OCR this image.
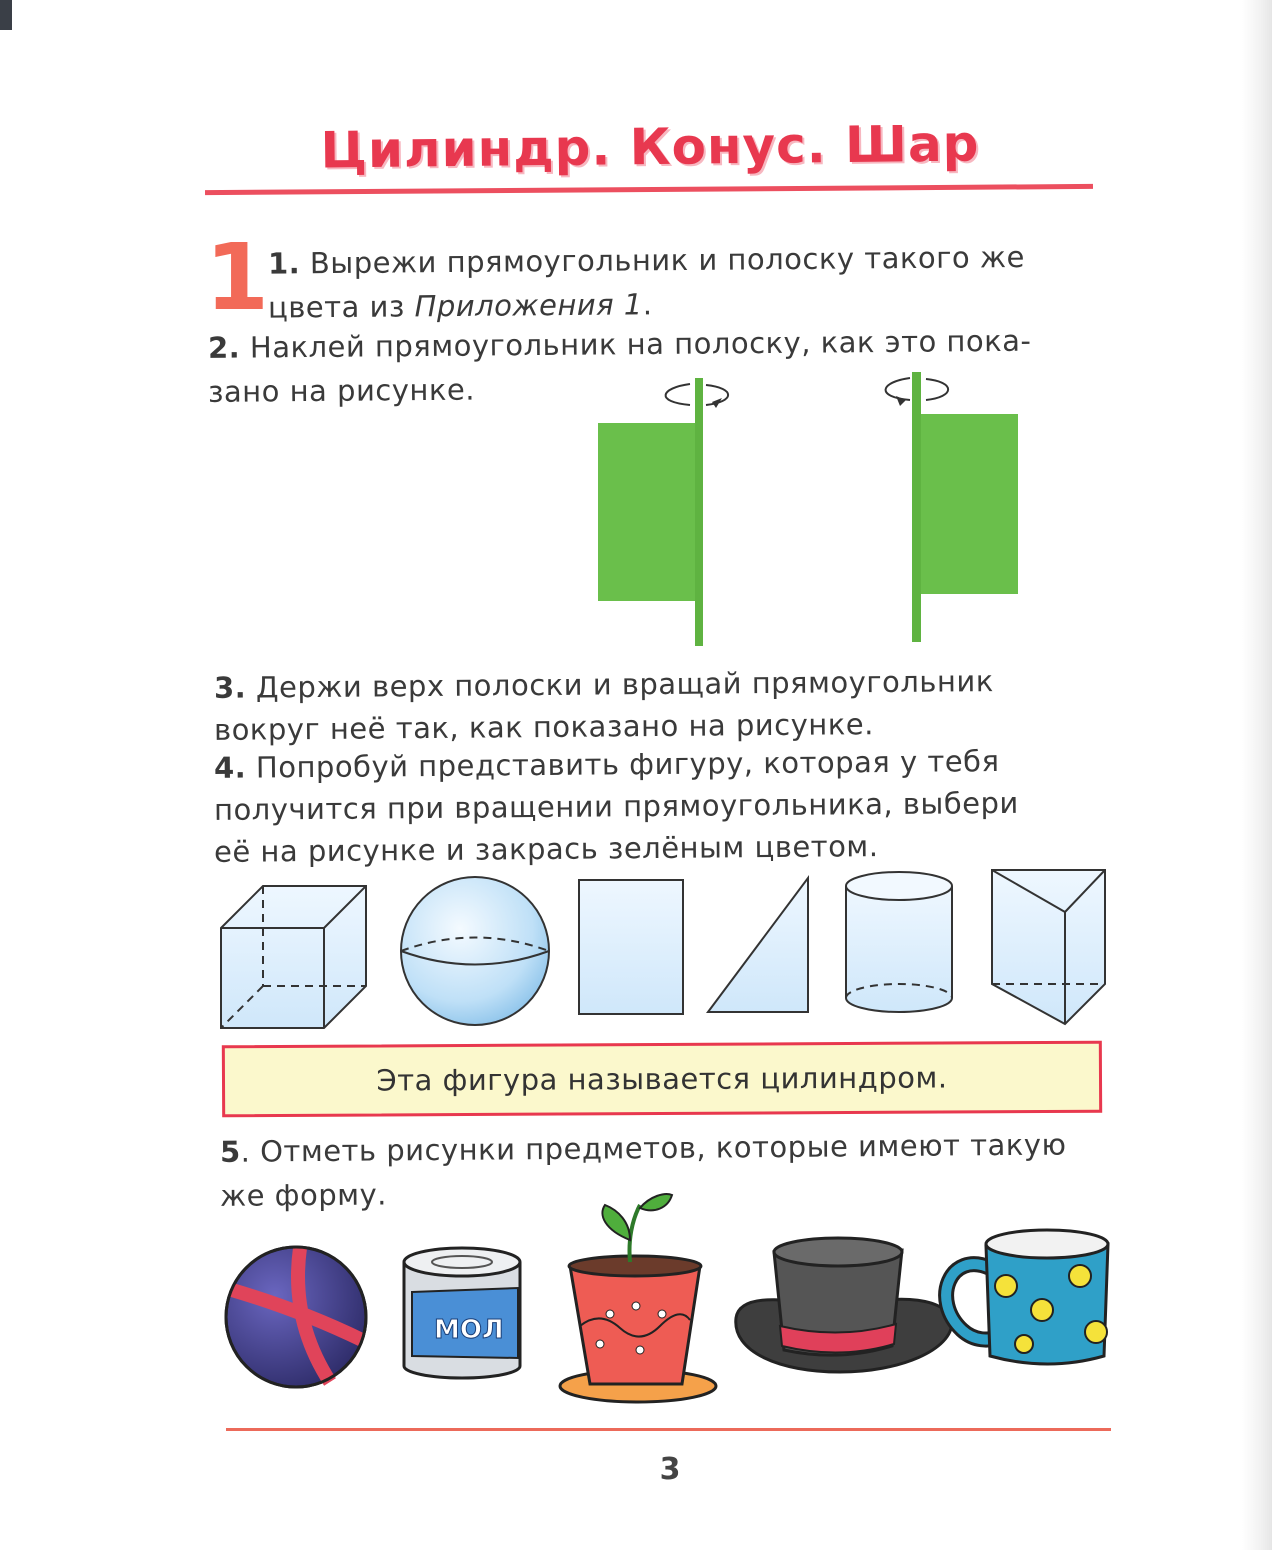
Цилиндр. Конус. Шар
1
1. Вырежи прямоугольник и полоску такого же
цвета из Приложения 1.
2. Наклей прямоугольник на полоску, как это пока-
зано на рисунке.
3. Держи верх полоски и вращай прямоугольник
вокруг неё так, как показано на рисунке.
4. Попробуй представить фигуру, которая у тебя
получится при вращении прямоугольника, выбери
её на рисунке и закрась зелёным цветом.
Эта фигура называется цилиндром.
5. Отметь рисунки предметов, которые имеют такую
же форму.
МОЛ
3
